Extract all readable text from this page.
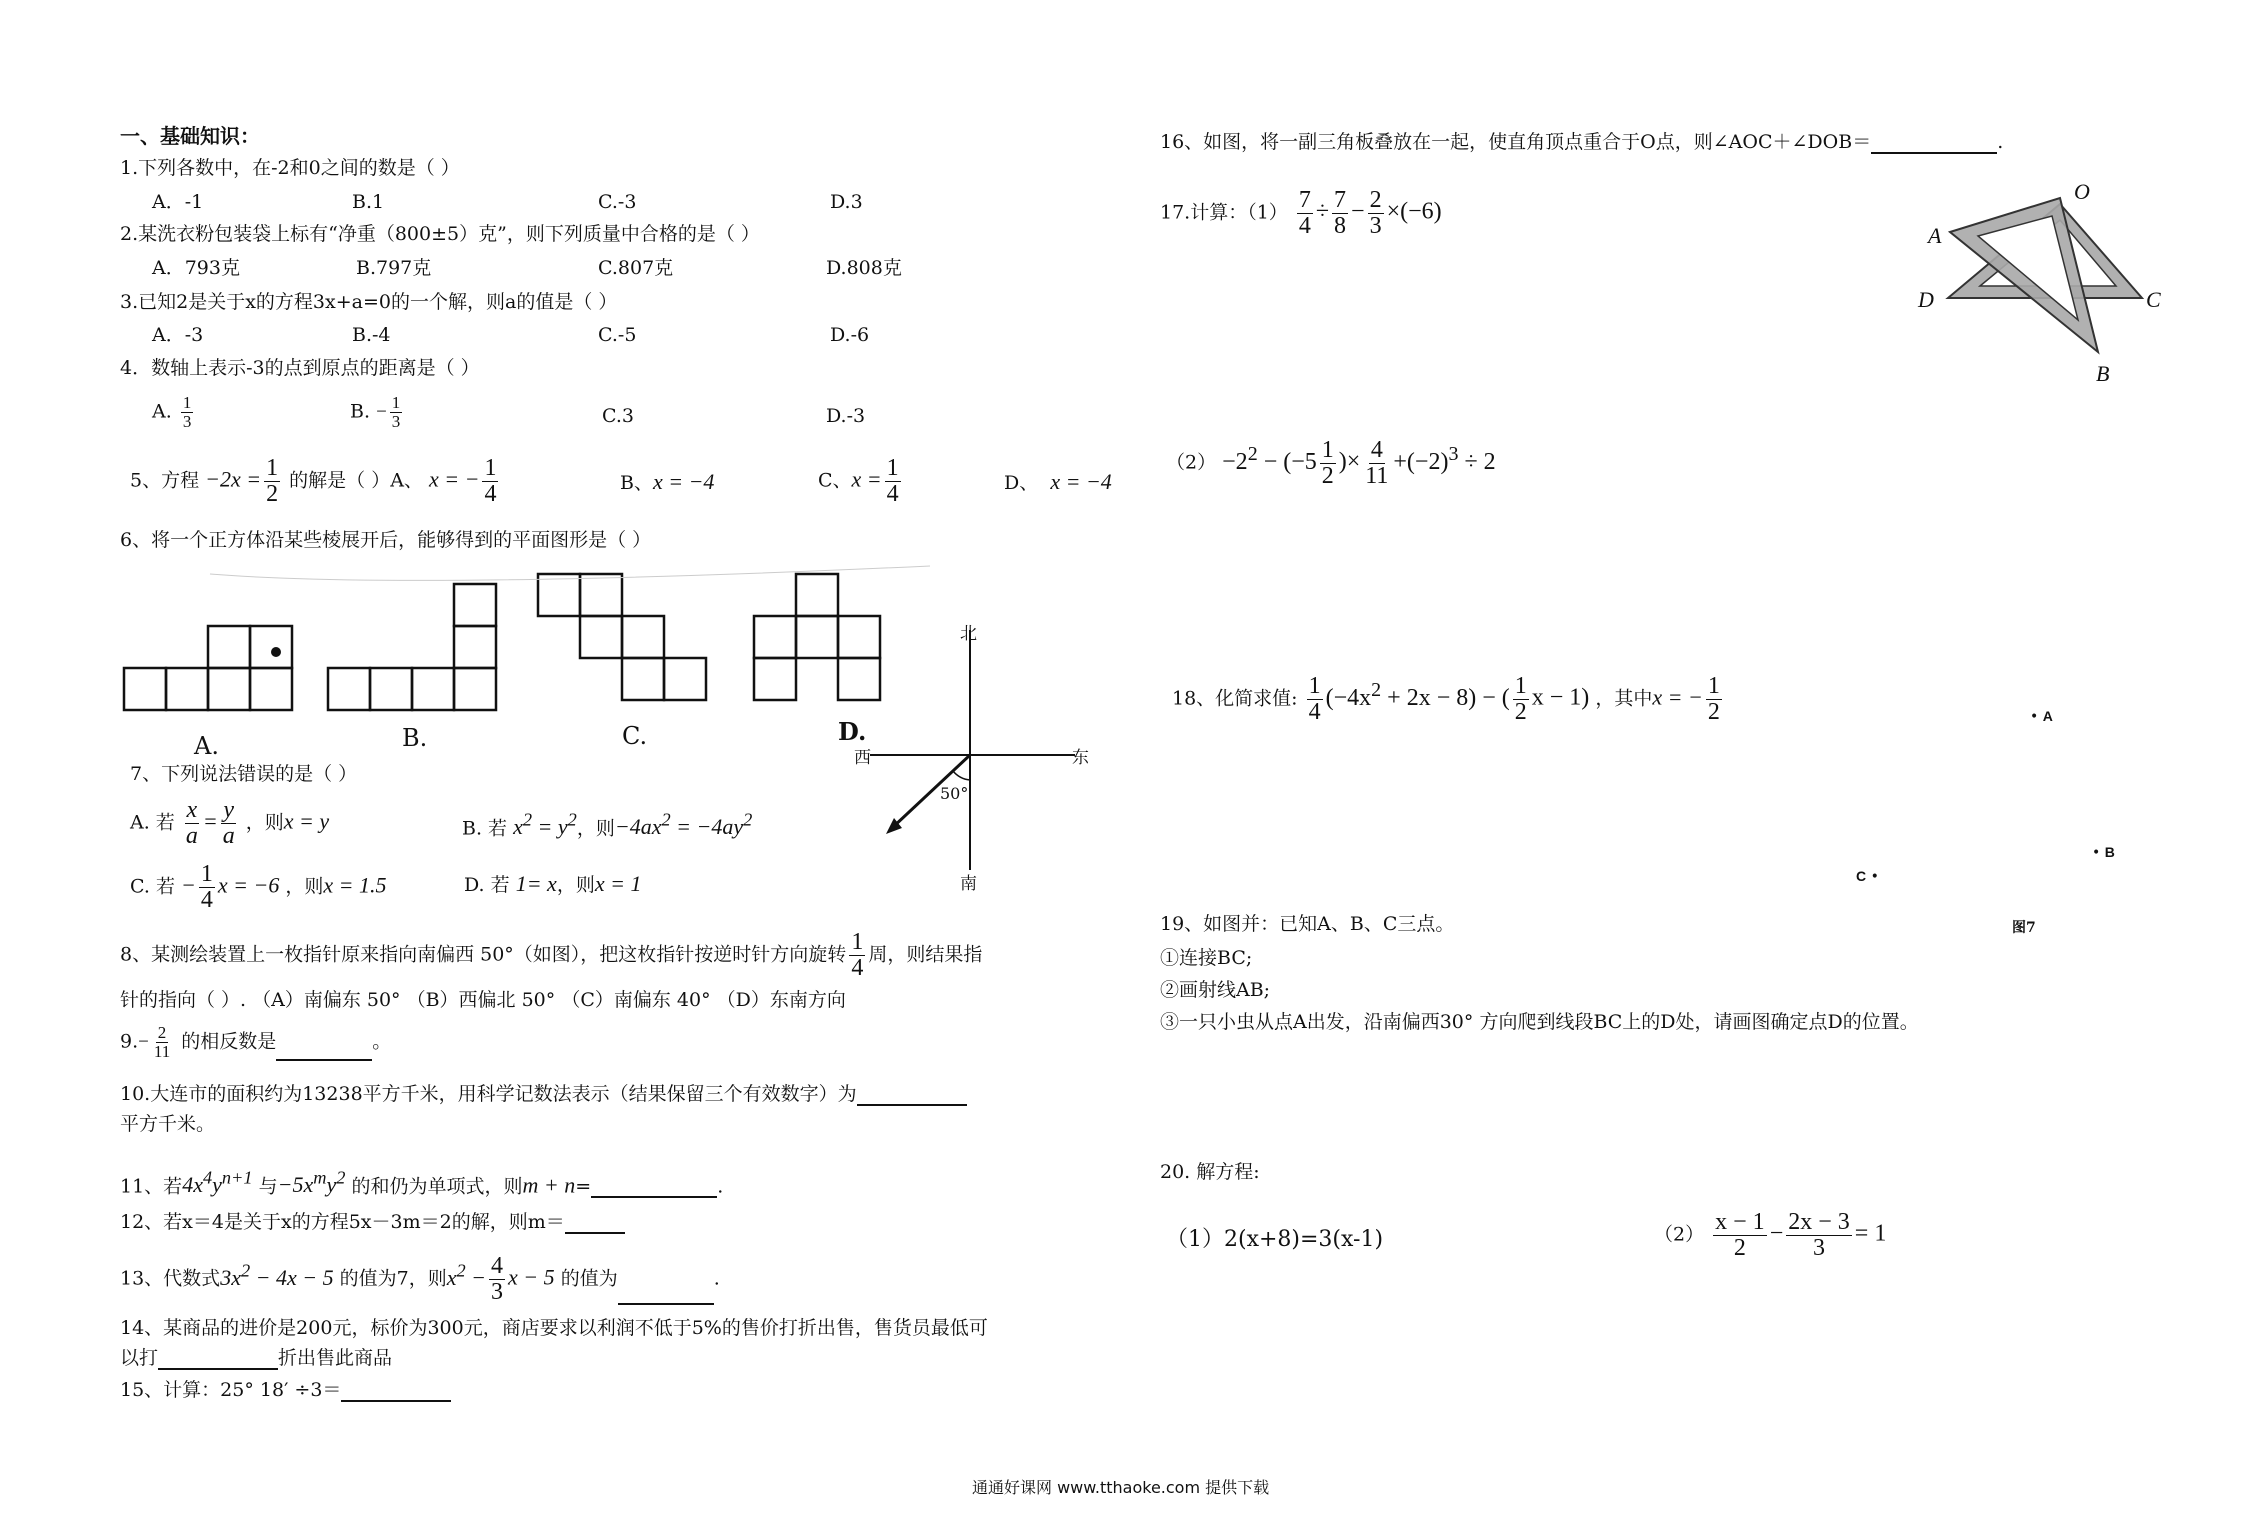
一、基础知识：
1.下列各数中，在-2和0之间的数是（ ）
A．-1	B.1	C.-3	D.3
2.某洗衣粉包装袋上标有“净重（800±5）克”，则下列质量中合格的是（ ）
A．793克	B.797克	C.807克	D.808克
3.已知2是关于x的方程3x+a=0的一个解，则a的值是（ ）
A．-3	B.-4	C.-5	D.-6
4．数轴上表示-3的点到原点的距离是（ ）
A. $\frac{1}{3}$	B. − $\frac{1}{3}$	C.3	D.-3
5、方程 $-2x = \frac{1}{2}$ 的解是（ ）A、 x = − $\frac{1}{4}$	B、x = −4	C、$x = \frac{1}{4}$	D、 x = −4
6、将一个正方体沿某些棱展开后，能够得到的平面图形是（ ）
A.	B.	C.	D.
北
南
东
西
50°
7、下列说法错误的是（ ）
A. 若 $\frac{x}{a} = \frac{y}{a}$ ，则x = y	B. 若 $x^2 = y^2$，则$-4ax^2 = -4ay^2$
C. 若 − $\frac{1}{4}$ x = −6 ，则x = 1.5	D. 若 1= x，则x = 1
8、某测绘装置上一枚指针原来指向南偏西 50°（如图），把这枚指针按逆时针方向旋转 $\frac{1}{4}$ 周，则结果指
针的指向（ ）. （A）南偏东 50° （B）西偏北 50° （C）南偏东 40° （D）东南方向
$9.- \frac{2}{11}$ 的相反数是	。
10.大连市的面积约为13238平方千米，用科学记数法表示（结果保留三个有效数字）为
平方千米。
11、若$4x^4y^{n+1}$ 与$-5x^my^2$ 的和仍为单项式，则m + n=	.
12、若x＝4是关于x的方程5x－3m＝2的解，则m＝
13、代数式$3x^2 - 4x - 5$ 的值为7，则$x^2 - \frac{4}{3}$ x − 5 的值为	.
14、某商品的进价是200元，标价为300元，商店要求以利润不低于5%的售价打折出售，售货员最低可
以打	折出售此商品
15、计算：25° 18′ ÷3＝
16、如图，将一副三角板叠放在一起，使直角顶点重合于O点，则∠AOC＋∠DOB＝	.
O
A
D	C
B
17.计算：$(1) \frac{7}{4} \div \frac{7}{8} - \frac{2}{3} \times(-6)$
$(2) -2^2 - (-5 \frac{1}{2}$ )× $\frac{4}{11} +(-2)^3 \div 2$
18、化简求值: $\frac{1}{4} (-4x^2 + 2x - 8)$ − ( $\frac{1}{2}$ x − 1) ，其中x = − $\frac{1}{2}$	• A
• B
C •
图7
19、如图并：已知A、B、C三点。
①连接BC;
②画射线AB;
③一只小虫从点A出发，沿南偏西30° 方向爬到线段BC上的D处，请画图确定点D的位置。
20. 解方程:
（1）2(x+8)=3(x-1)	$(2) \frac{x - 1}{2} - \frac{2x - 3}{3} = 1$
通通好课网 www.tthaoke.com 提供下载
